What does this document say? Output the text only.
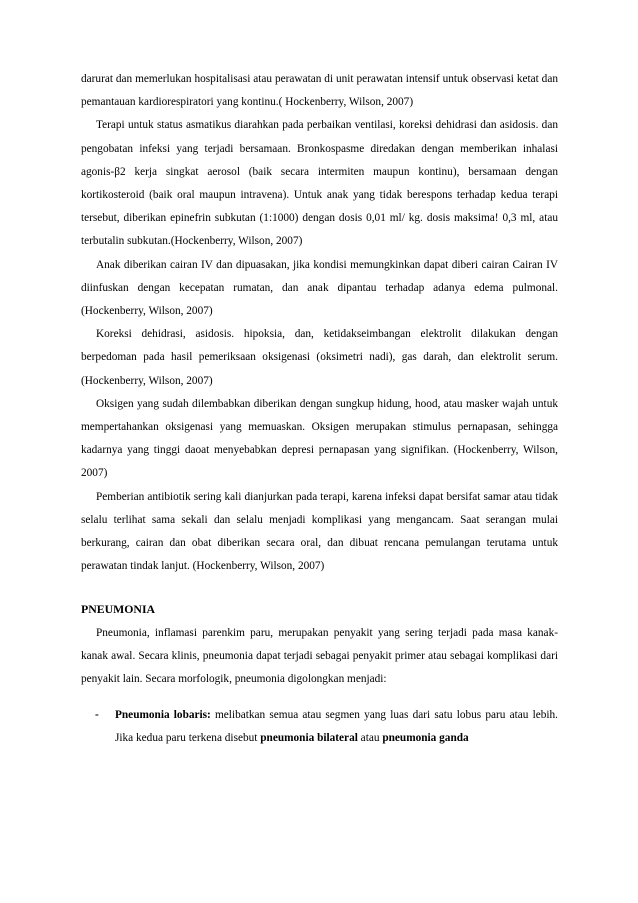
darurat dan memerlukan hospitalisasi atau perawatan di unit perawatan intensif untuk observasi ketat dan pemantauan kardiorespiratori yang kontinu.( Hockenberry, Wilson, 2007)

Terapi untuk status asmatikus diarahkan pada perbaikan ventilasi, koreksi dehidrasi dan asidosis. dan pengobatan infeksi yang terjadi bersamaan. Bronkospasme diredakan dengan memberikan inhalasi agonis-β2 kerja singkat aerosol (baik secara intermiten maupun kontinu), bersamaan dengan kortikosteroid (baik oral maupun intravena). Untuk anak yang tidak berespons terhadap kedua terapi tersebut, diberikan epinefrin subkutan (1:1000) dengan dosis 0,01 ml/ kg. dosis maksima! 0,3 ml, atau terbutalin subkutan.(Hockenberry, Wilson, 2007)

Anak diberikan cairan IV dan dipuasakan, jika kondisi memungkinkan dapat diberi cairan Cairan IV diinfuskan dengan kecepatan rumatan, dan anak dipantau terhadap adanya edema pulmonal. (Hockenberry, Wilson, 2007)

Koreksi dehidrasi, asidosis. hipoksia, dan, ketidakseimbangan elektrolit dilakukan dengan berpedoman pada hasil pemeriksaan oksigenasi (oksimetri nadi), gas darah, dan elektrolit serum. (Hockenberry, Wilson, 2007)

Oksigen yang sudah dilembabkan diberikan dengan sungkup hidung, hood, atau masker wajah untuk mempertahankan oksigenasi yang memuaskan. Oksigen merupakan stimulus pernapasan, sehingga kadarnya yang tinggi daoat menyebabkan depresi pernapasan yang signifikan. (Hockenberry, Wilson, 2007)

Pemberian antibiotik sering kali dianjurkan pada terapi, karena infeksi dapat bersifat samar atau tidak selalu terlihat sama sekali dan selalu menjadi komplikasi yang mengancam. Saat serangan mulai berkurang, cairan dan obat diberikan secara oral, dan dibuat rencana pemulangan terutama untuk perawatan tindak lanjut. (Hockenberry, Wilson, 2007)

PNEUMONIA

Pneumonia, inflamasi parenkim paru, merupakan penyakit yang sering terjadi pada masa kanak-kanak awal. Secara klinis, pneumonia dapat terjadi sebagai penyakit primer atau sebagai komplikasi dari penyakit lain. Secara morfologik, pneumonia digolongkan menjadi:

- Pneumonia lobaris: melibatkan semua atau segmen yang luas dari satu lobus paru atau lebih. Jika kedua paru terkena disebut pneumonia bilateral atau pneumonia ganda
